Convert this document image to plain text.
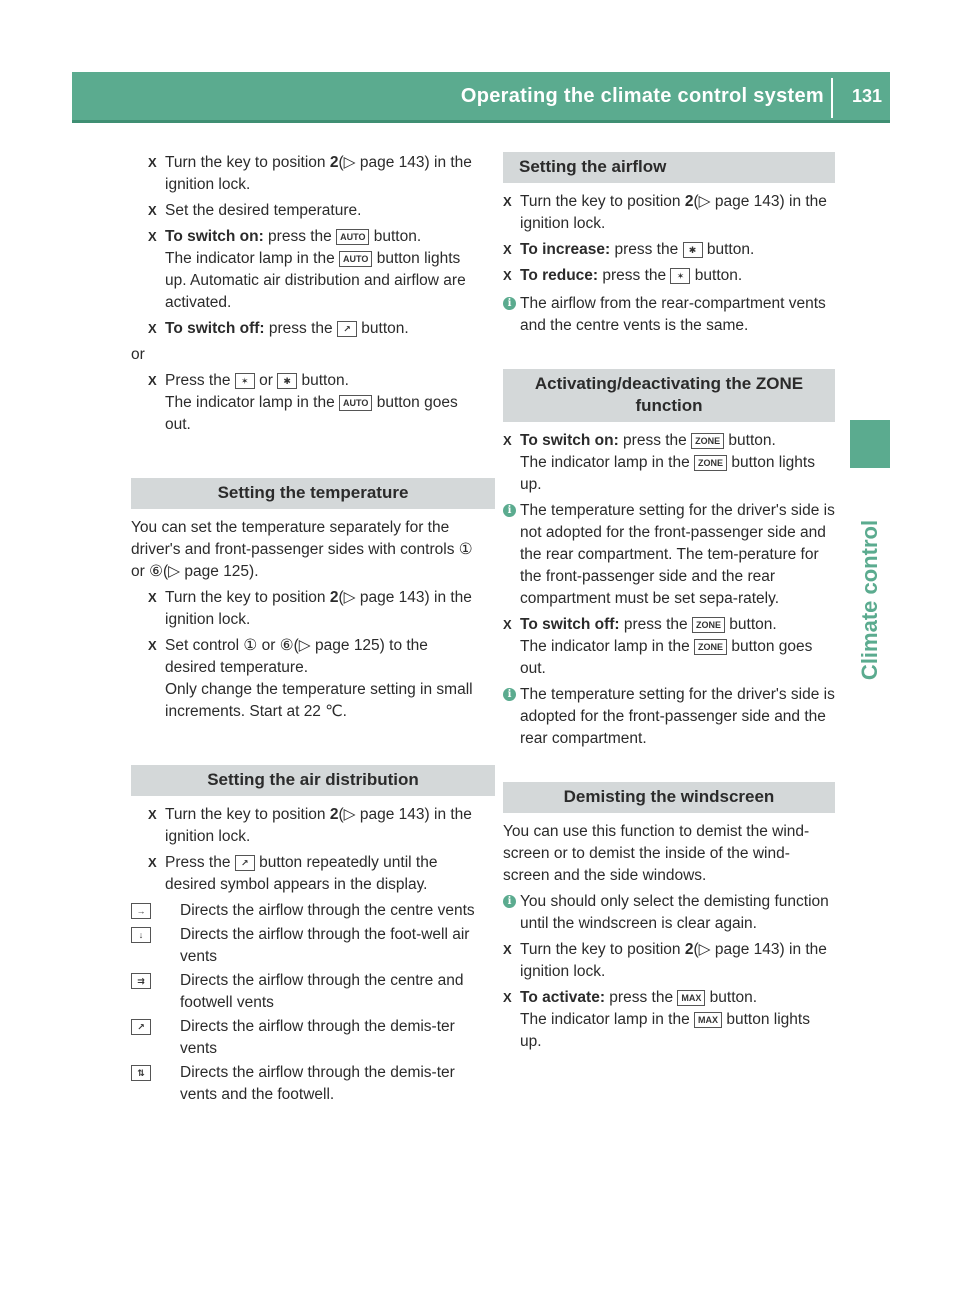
Operating the climate control system 131
Climate control
X Turn the key to position 2(▷ page 143) in the ignition lock.
X Set the desired temperature.
X To switch on: press the AUTO button.
The indicator lamp in the AUTO button lights up. Automatic air distribution and airflow are activated.
X To switch off: press the ↗ button.
or
X Press the ✶ or ✱ button.
The indicator lamp in the AUTO button goes out.
Setting the temperature
You can set the temperature separately for the driver's and front-passenger sides with controls ① or ⑥(▷ page 125).
X Turn the key to position 2(▷ page 143) in the ignition lock.
X Set control ① or ⑥(▷ page 125) to the desired temperature.
Only change the temperature setting in small increments. Start at 22 ℃.
Setting the air distribution
X Turn the key to position 2(▷ page 143) in the ignition lock.
X Press the ↗ button repeatedly until the desired symbol appears in the display.
→	Directs the airflow through the centre vents
↓	Directs the airflow through the foot-well air vents
⇉	Directs the airflow through the centre and footwell vents
↗	Directs the airflow through the demis-ter vents
⇅	Directs the airflow through the demis-ter vents and the footwell.
Setting the airflow
X Turn the key to position 2(▷ page 143) in the ignition lock.
X To increase: press the ✱ button.
X To reduce: press the ✶ button.
i The airflow from the rear-compartment vents and the centre vents is the same.
Activating/deactivating the ZONE function
X To switch on: press the ZONE button.
The indicator lamp in the ZONE button lights up.
i The temperature setting for the driver's side is not adopted for the front-passenger side and the rear compartment. The tem-perature for the front-passenger side and the rear compartment must be set sepa-rately.
X To switch off: press the ZONE button.
The indicator lamp in the ZONE button goes out.
i The temperature setting for the driver's side is adopted for the front-passenger side and the rear compartment.
Demisting the windscreen
You can use this function to demist the wind-screen or to demist the inside of the wind-screen and the side windows.
i You should only select the demisting function until the windscreen is clear again.
X Turn the key to position 2(▷ page 143) in the ignition lock.
X To activate: press the MAX button.
The indicator lamp in the MAX button lights up.
